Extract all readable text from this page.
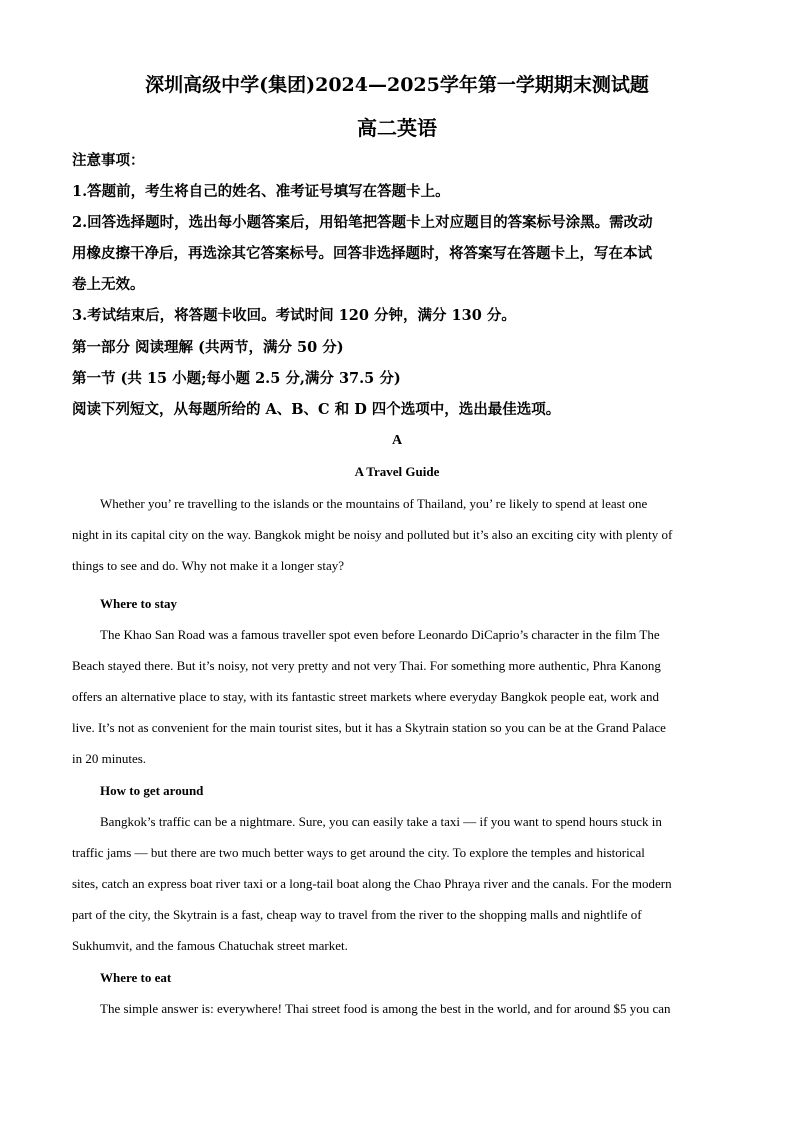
深圳高级中学(集团)2024—2025学年第一学期期末测试题
高二英语
注意事项：
1.答题前，考生将自己的姓名、准考证号填写在答题卡上。
2.回答选择题时，选出每小题答案后，用铅笔把答题卡上对应题目的答案标号涂黑。需改动
用橡皮擦干净后，再选涂其它答案标号。回答非选择题时，将答案写在答题卡上，写在本试
卷上无效。
3.考试结束后，将答题卡收回。考试时间 120 分钟，满分 130 分。
第一部分 阅读理解 (共两节，满分 50 分)
第一节 (共 15 小题;每小题 2.5 分,满分 37.5 分)
阅读下列短文，从每题所给的 A、B、C 和 D 四个选项中，选出最佳选项。
A
A Travel Guide
Whether you’ re travelling to the islands or the mountains of Thailand, you’ re likely to spend at least one
night in its capital city on the way. Bangkok might be noisy and polluted but it’s also an exciting city with plenty of
things to see and do. Why not make it a longer stay?
Where to stay
The Khao San Road was a famous traveller spot even before Leonardo DiCaprio’s character in the film The
Beach stayed there. But it’s noisy, not very pretty and not very Thai. For something more authentic, Phra Kanong
offers an alternative place to stay, with its fantastic street markets where everyday Bangkok people eat, work and
live. It’s not as convenient for the main tourist sites, but it has a Skytrain station so you can be at the Grand Palace
in 20 minutes.
How to get around
Bangkok’s traffic can be a nightmare. Sure, you can easily take a taxi — if you want to spend hours stuck in
traffic jams — but there are two much better ways to get around the city. To explore the temples and historical
sites, catch an express boat river taxi or a long-tail boat along the Chao Phraya river and the canals. For the modern
part of the city, the Skytrain is a fast, cheap way to travel from the river to the shopping malls and nightlife of
Sukhumvit, and the famous Chatuchak street market.
Where to eat
The simple answer is: everywhere! Thai street food is among the best in the world, and for around $5 you can
